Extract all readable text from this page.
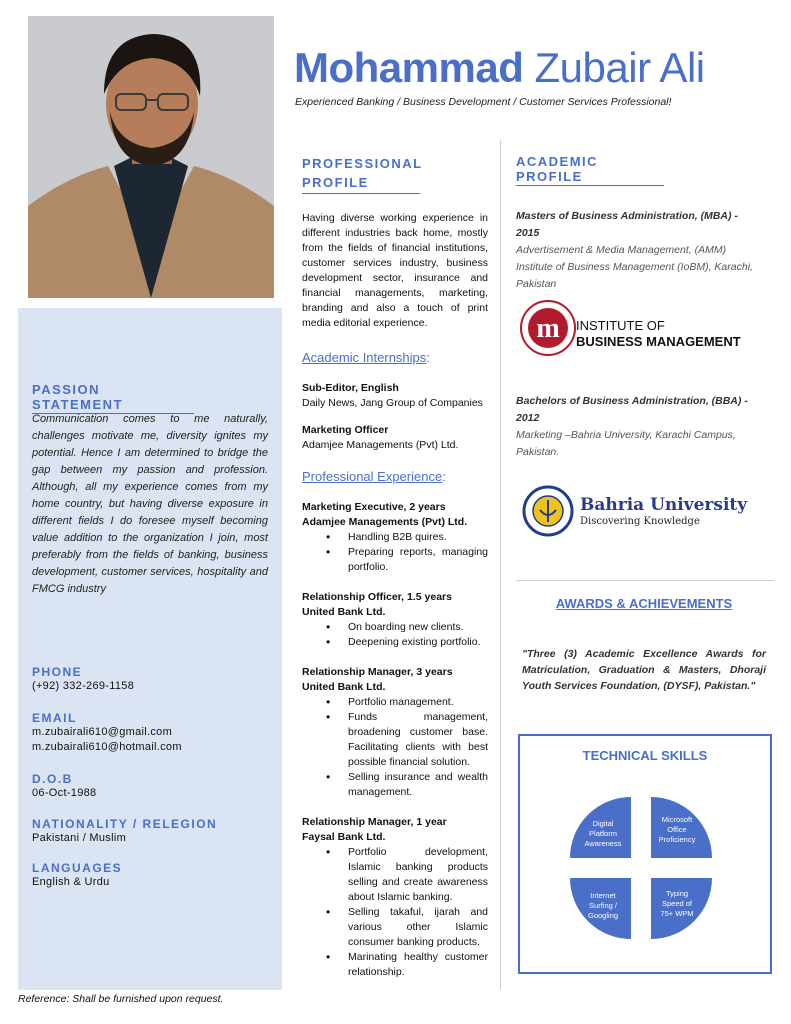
Mohammad Zubair Ali
Experienced Banking / Business Development / Customer Services Professional!
PASSION STATEMENT
Communication comes to me naturally, challenges motivate me, diversity ignites my potential. Hence I am determined to bridge the gap between my passion and profession. Although, all my experience comes from my home country, but having diverse exposure in different fields I do foresee myself becoming value addition to the organization I join, most preferably from the fields of banking, business development, customer services, hospitality and FMCG industry
PHONE
(+92) 332-269-1158
EMAIL
m.zubairali610@gmail.com
m.zubairali610@hotmail.com
D.O.B
06-Oct-1988
NATIONALITY / RELEGION
Pakistani / Muslim
LANGUAGES
English & Urdu
PROFESSIONAL
PROFILE
Having diverse working experience in different industries back home, mostly from the fields of financial institutions, customer services industry, business development sector, insurance and financial managements, marketing, branding and also a touch of print media editorial experience.
Academic Internships:
Sub-Editor, English
Daily News, Jang Group of Companies
Marketing Officer
Adamjee Managements (Pvt) Ltd.
Professional Experience:
Marketing Executive, 2 years
Adamjee Managements (Pvt) Ltd.
• Handling B2B quires.
• Preparing reports, managing portfolio.
Relationship Officer, 1.5 years
United Bank Ltd.
• On boarding new clients.
• Deepening existing portfolio.
Relationship Manager, 3 years
United Bank Ltd.
• Portfolio management.
• Funds management, broadening customer base. Facilitating clients with best possible financial solution.
• Selling insurance and wealth management.
Relationship Manager, 1 year
Faysal Bank Ltd.
• Portfolio development, Islamic banking products selling and create awareness about Islamic banking.
• Selling takaful, ijarah and various other Islamic consumer banking products.
• Marinating healthy customer relationship.
ACADEMIC PROFILE
Masters of Business Administration, (MBA) - 2015
Advertisement & Media Management, (AMM)
Institute of Business Management (IoBM), Karachi, Pakistan
m INSTITUTE OF
BUSINESS MANAGEMENT
Bachelors of Business Administration, (BBA) - 2012
Marketing –Bahria University, Karachi Campus, Pakistan.
Bahria University
Discovering Knowledge
AWARDS & ACHIEVEMENTS
"Three (3) Academic Excellence Awards for Matriculation, Graduation & Masters, Dhoraji Youth Services Foundation, (DYSF), Pakistan."
TECHNICAL SKILLS
Digital
Platform
Awareness
Microsoft
Office
Proficiency
Internet
Surfing /
Googling
Typing
Speed of
75+ WPM
Reference: Shall be furnished upon request.
